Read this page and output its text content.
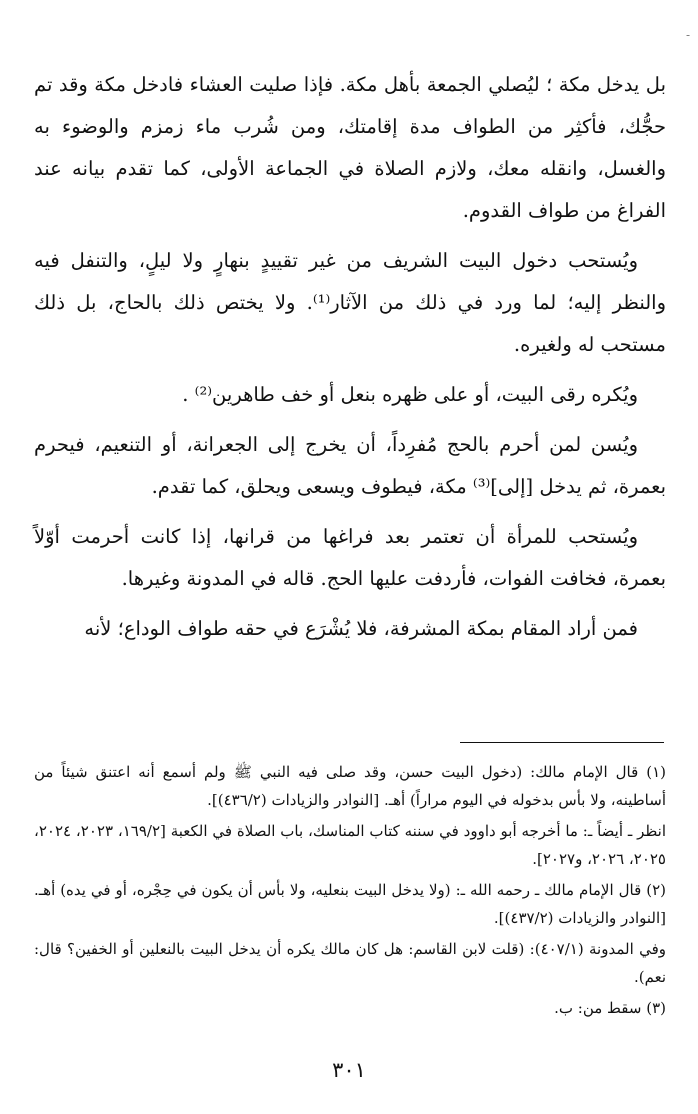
-

بل يدخل مكة ؛ ليُصلي الجمعة بأهل مكة. فإذا صليت العشاء فادخل مكة وقد تم حجُّك، فأكثِر من الطواف مدة إقامتك، ومن شُرب ماء زمزم والوضوء به والغسل، وانقله معك، ولازم الصلاة في الجماعة الأولى، كما تقدم بيانه عند الفراغ من طواف القدوم.

ويُستحب دخول البيت الشريف من غير تقييدٍ بنهارٍ ولا ليلٍ، والتنفل فيه والنظر إليه؛ لما ورد في ذلك من الآثار⁽¹⁾. ولا يختص ذلك بالحاج، بل ذلك مستحب له ولغيره.

ويُكره رقى البيت، أو على ظهره بنعل أو خف طاهرين⁽²⁾ .

ويُسن لمن أحرم بالحج مُفرِداً، أن يخرج إلى الجعرانة، أو التنعيم، فيحرم بعمرة، ثم يدخل [إلى]⁽³⁾ مكة، فيطوف ويسعى ويحلق، كما تقدم.

ويُستحب للمرأة أن تعتمر بعد فراغها من قرانها، إذا كانت أحرمت أوّلاً بعمرة، فخافت الفوات، فأردفت عليها الحج. قاله في المدونة وغيرها.

فمن أراد المقام بمكة المشرفة، فلا يُشْرَع في حقه طواف الوداع؛ لأنه

(١) قال الإمام مالك: (دخول البيت حسن، وقد صلى فيه النبي ﷺ ولم أسمع أنه اعتنق شيئاً من أساطينه، ولا بأس بدخوله في اليوم مراراً) أهـ. [النوادر والزيادات (٤٣٦/٢)].

انظر ـ أيضاً ـ: ما أخرجه أبو داوود في سننه كتاب المناسك، باب الصلاة في الكعبة [١٦٩/٢، ٢٠٢٣، ٢٠٢٤، ٢٠٢٥، ٢٠٢٦، و٢٠٢٧].

(٢) قال الإمام مالك ـ رحمه الله ـ: (ولا يدخل البيت بنعليه، ولا بأس أن يكون في حِجْره، أو في يده) أهـ. [النوادر والزيادات (٤٣٧/٢)].

وفي المدونة (٤٠٧/١): (قلت لابن القاسم: هل كان مالك يكره أن يدخل البيت بالنعلين أو الخفين؟ قال: نعم).

(٣) سقط من: ب.

٣٠١
